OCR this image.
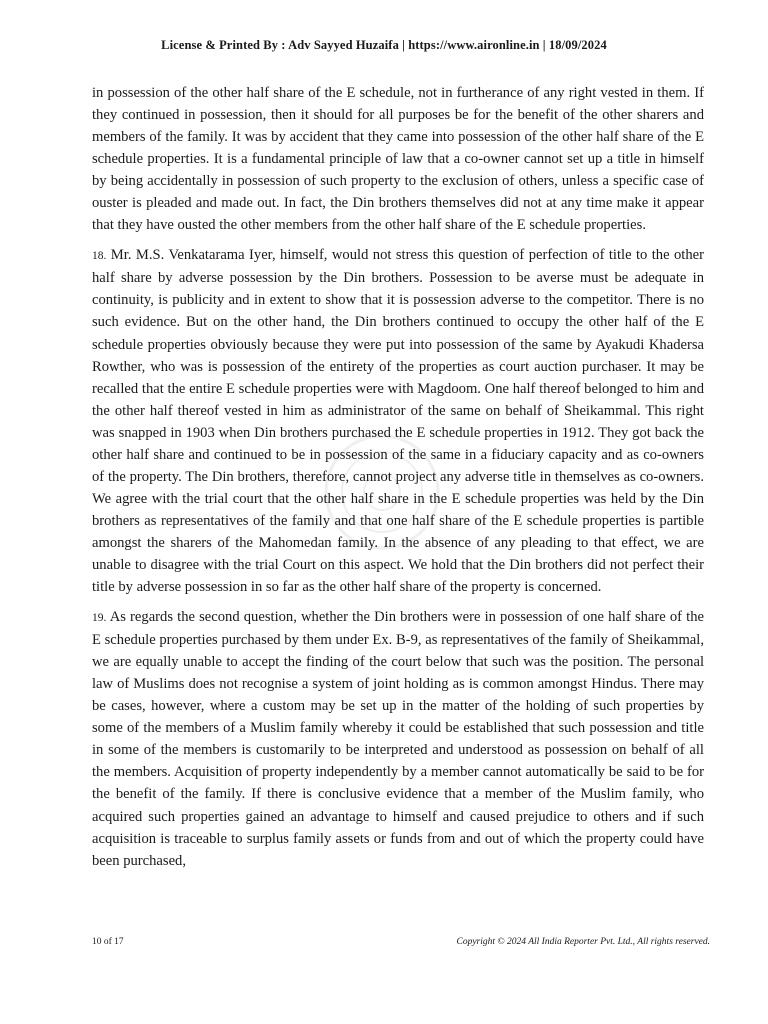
License & Printed By : Adv Sayyed Huzaifa | https://www.aironline.in | 18/09/2024

in possession of the other half share of the E schedule, not in furtherance of any right vested in them. If they continued in possession, then it should for all purposes be for the benefit of the other sharers and members of the family. It was by accident that they came into possession of the other half share of the E schedule properties. It is a fundamental principle of law that a co-owner cannot set up a title in himself by being accidentally in possession of such property to the exclusion of others, unless a specific case of ouster is pleaded and made out. In fact, the Din brothers themselves did not at any time make it appear that they have ousted the other members from the other half share of the E schedule properties.

18. Mr. M.S. Venkatarama Iyer, himself, would not stress this question of perfection of title to the other half share by adverse possession by the Din brothers. Possession to be averse must be adequate in continuity, is publicity and in extent to show that it is possession adverse to the competitor. There is no such evidence. But on the other hand, the Din brothers continued to occupy the other half of the E schedule properties obviously because they were put into possession of the same by Ayakudi Khadersa Rowther, who was is possession of the entirety of the properties as court auction purchaser. It may be recalled that the entire E schedule properties were with Magdoom. One half thereof belonged to him and the other half thereof vested in him as administrator of the same on behalf of Sheikammal. This right was snapped in 1903 when Din brothers purchased the E schedule properties in 1912. They got back the other half share and continued to be in possession of the same in a fiduciary capacity and as co-owners of the property. The Din brothers, therefore, cannot project any adverse title in themselves as co-owners. We agree with the trial court that the other half share in the E schedule properties was held by the Din brothers as representatives of the family and that one half share of the E schedule properties is partible amongst the sharers of the Mahomedan family. In the absence of any pleading to that effect, we are unable to disagree with the trial Court on this aspect. We hold that the Din brothers did not perfect their title by adverse possession in so far as the other half share of the property is concerned.

19. As regards the second question, whether the Din brothers were in possession of one half share of the E schedule properties purchased by them under Ex. B-9, as representatives of the family of Sheikammal, we are equally unable to accept the finding of the court below that such was the position. The personal law of Muslims does not recognise a system of joint holding as is common amongst Hindus. There may be cases, however, where a custom may be set up in the matter of the holding of such properties by some of the members of a Muslim family whereby it could be established that such possession and title in some of the members is customarily to be interpreted and understood as possession on behalf of all the members. Acquisition of property independently by a member cannot automatically be said to be for the benefit of the family. If there is conclusive evidence that a member of the Muslim family, who acquired such properties gained an advantage to himself and caused prejudice to others and if such acquisition is traceable to surplus family assets or funds from and out of which the property could have been purchased,

10 of 17	Copyright © 2024 All India Reporter Pvt. Ltd., All rights reserved.
